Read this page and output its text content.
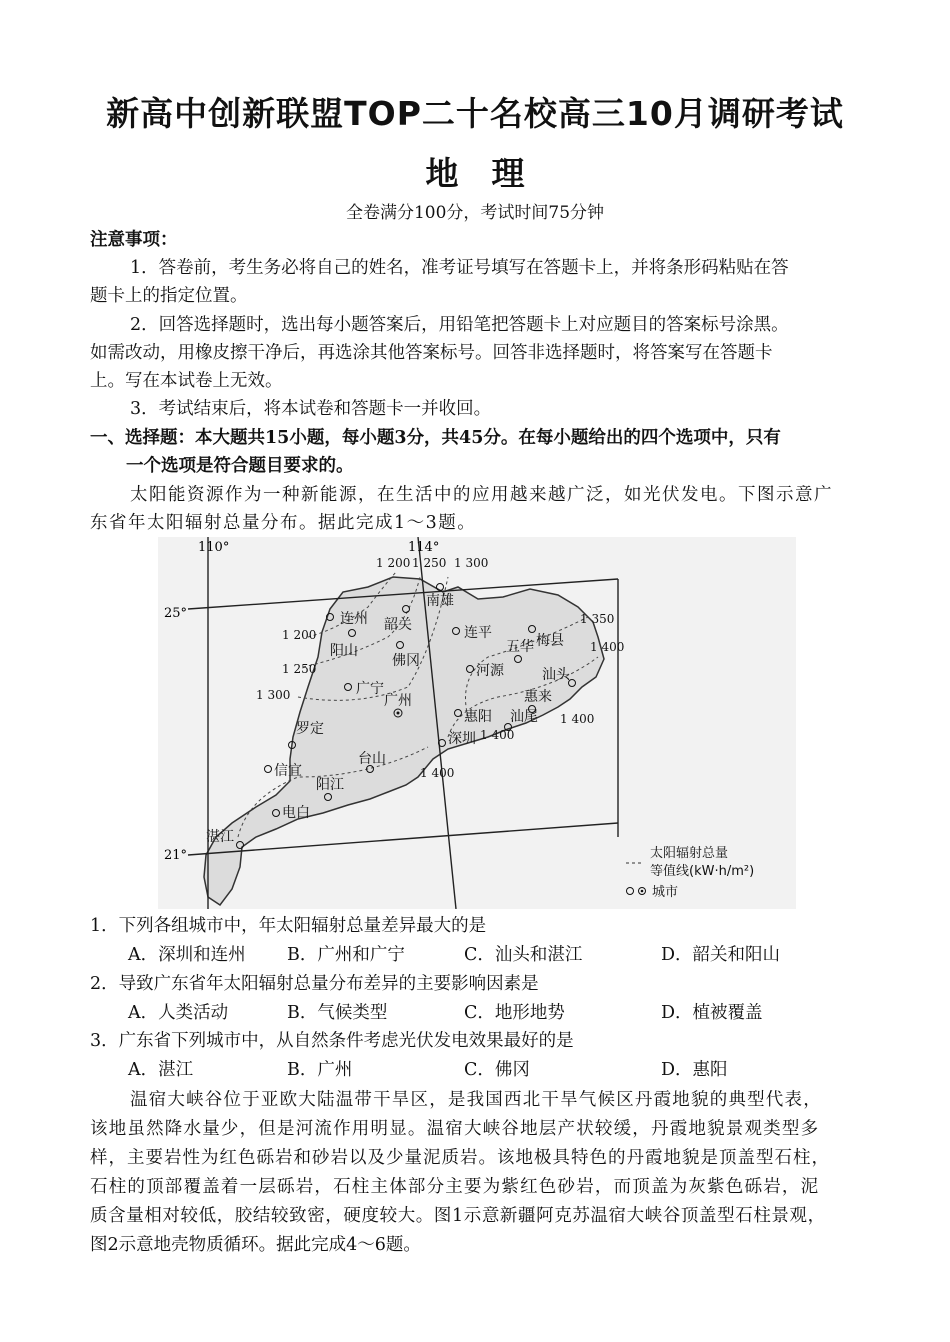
新高中创新联盟TOP二十名校高三10月调研考试
地　理
全卷满分100分，考试时间75分钟
注意事项：
1．答卷前，考生务必将自己的姓名，准考证号填写在答题卡上，并将条形码粘贴在答
题卡上的指定位置。
2．回答选择题时，选出每小题答案后，用铅笔把答题卡上对应题目的答案标号涂黑。
如需改动，用橡皮擦干净后，再选涂其他答案标号。回答非选择题时，将答案写在答题卡
上。写在本试卷上无效。
3．考试结束后，将本试卷和答题卡一并收回。
一、选择题：本大题共15小题，每小题3分，共45分。在每小题给出的四个选项中，只有
一个选项是符合题目要求的。
太阳能资源作为一种新能源，在生活中的应用越来越广泛，如光伏发电。下图示意广
东省年太阳辐射总量分布。据此完成1～3题。
110°	114°
25°
21°
1 200 1 250 1 300
1 200
1 250
1 300
1 350
1 400
1 400
1 400
1 400
南雄
连州 韶关	连平
五华 梅县
阳山
佛冈
河源	汕头
广宁
广州	惠来
罗定
惠阳 汕尾
深圳
信宜
台山
阳江
电白
湛江
太阳辐射总量
等值线(kW·h/m²)
城市
1．下列各组城市中，年太阳辐射总量差异最大的是
A．深圳和连州 B．广州和广宁	C．汕头和湛江	D．韶关和阳山
2．导致广东省年太阳辐射总量分布差异的主要影响因素是
A．人类活动	B．气候类型	C．地形地势	D．植被覆盖
3．广东省下列城市中，从自然条件考虑光伏发电效果最好的是
A．湛江	B．广州	C．佛冈	D．惠阳
温宿大峡谷位于亚欧大陆温带干旱区，是我国西北干旱气候区丹霞地貌的典型代表，
该地虽然降水量少，但是河流作用明显。温宿大峡谷地层产状较缓，丹霞地貌景观类型多
样，主要岩性为红色砾岩和砂岩以及少量泥质岩。该地极具特色的丹霞地貌是顶盖型石柱，
石柱的顶部覆盖着一层砾岩，石柱主体部分主要为紫红色砂岩，而顶盖为灰紫色砾岩，泥
质含量相对较低，胶结较致密，硬度较大。图1示意新疆阿克苏温宿大峡谷顶盖型石柱景观，
图2示意地壳物质循环。据此完成4～6题。
